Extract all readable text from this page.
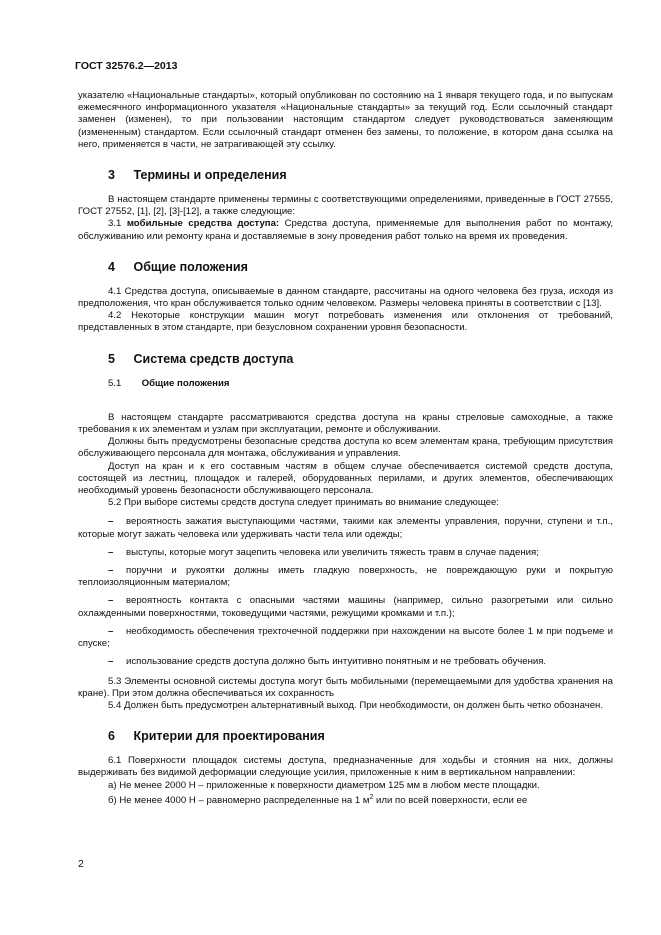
ГОСТ 32576.2—2013

указателю «Национальные стандарты», который опубликован по состоянию на 1 января текущего года, и по выпускам ежемесячного информационного указателя «Национальные стандарты» за текущий год. Если ссылочный стандарт заменен (изменен), то при пользовании настоящим стандартом следует руководствоваться заменяющим (измененным) стандартом. Если ссылочный стандарт отменен без замены, то положение, в котором дана ссылка на него, применяется в части, не затрагивающей эту ссылку.

3 Термины и определения

В настоящем стандарте применены термины с соответствующими определениями, приведенные в ГОСТ 27555, ГОСТ 27552, [1], [2], [3]-[12], а также следующие:

3.1 мобильные средства доступа: Средства доступа, применяемые для выполнения работ по монтажу, обслуживанию или ремонту крана и доставляемые в зону проведения работ только на время их проведения.

4 Общие положения

4.1 Средства доступа, описываемые в данном стандарте, рассчитаны на одного человека без груза, исходя из предположения, что кран обслуживается только одним человеком. Размеры человека приняты в соответствии с [13].

4.2 Некоторые конструкции машин могут потребовать изменения или отклонения от требований, представленных в этом стандарте, при безусловном сохранении уровня безопасности.

5 Система средств доступа
5.1 Общие положения

В настоящем стандарте рассматриваются средства доступа на краны стреловые самоходные, а также требования к их элементам и узлам при эксплуатации, ремонте и обслуживании.

Должны быть предусмотрены безопасные средства доступа ко всем элементам крана, требующим присутствия обслуживающего персонала для монтажа, обслуживания и управления.

Доступ на кран и к его составным частям в общем случае обеспечивается системой средств доступа, состоящей из лестниц, площадок и галерей, оборудованных перилами, и других элементов, обеспечивающих необходимый уровень безопасности обслуживающего персонала.

5.2 При выборе системы средств доступа следует принимать во внимание следующее:

– вероятность зажатия выступающими частями, такими как элементы управления, поручни, ступени и т.п., которые могут зажать человека или удерживать части тела или одежды;

– выступы, которые могут зацепить человека или увеличить тяжесть травм в случае падения;

– поручни и рукоятки должны иметь гладкую поверхность, не повреждающую руки и покрытую теплоизоляционным материалом;

– вероятность контакта с опасными частями машины (например, сильно разогретыми или сильно охлажденными поверхностями, токоведущими частями, режущими кромками и т.п.);

– необходимость обеспечения трехточечной поддержки при нахождении на высоте более 1 м при подъеме и спуске;

– использование средств доступа должно быть интуитивно понятным и не требовать обучения.

5.3 Элементы основной системы доступа могут быть мобильными (перемещаемыми для удобства хранения на кране). При этом должна обеспечиваться их сохранность

5.4 Должен быть предусмотрен альтернативный выход. При необходимости, он должен быть четко обозначен.

6 Критерии для проектирования

6.1 Поверхности площадок системы доступа, предназначенные для ходьбы и стояния на них, должны выдерживать без видимой деформации следующие усилия, приложенные к ним в вертикальном направлении:

а) Не менее 2000 Н – приложенные к поверхности диаметром 125 мм в любом месте площадки.

б) Не менее 4000 Н – равномерно распределенные на 1 $м^2$ или по всей поверхности, если ее

2
